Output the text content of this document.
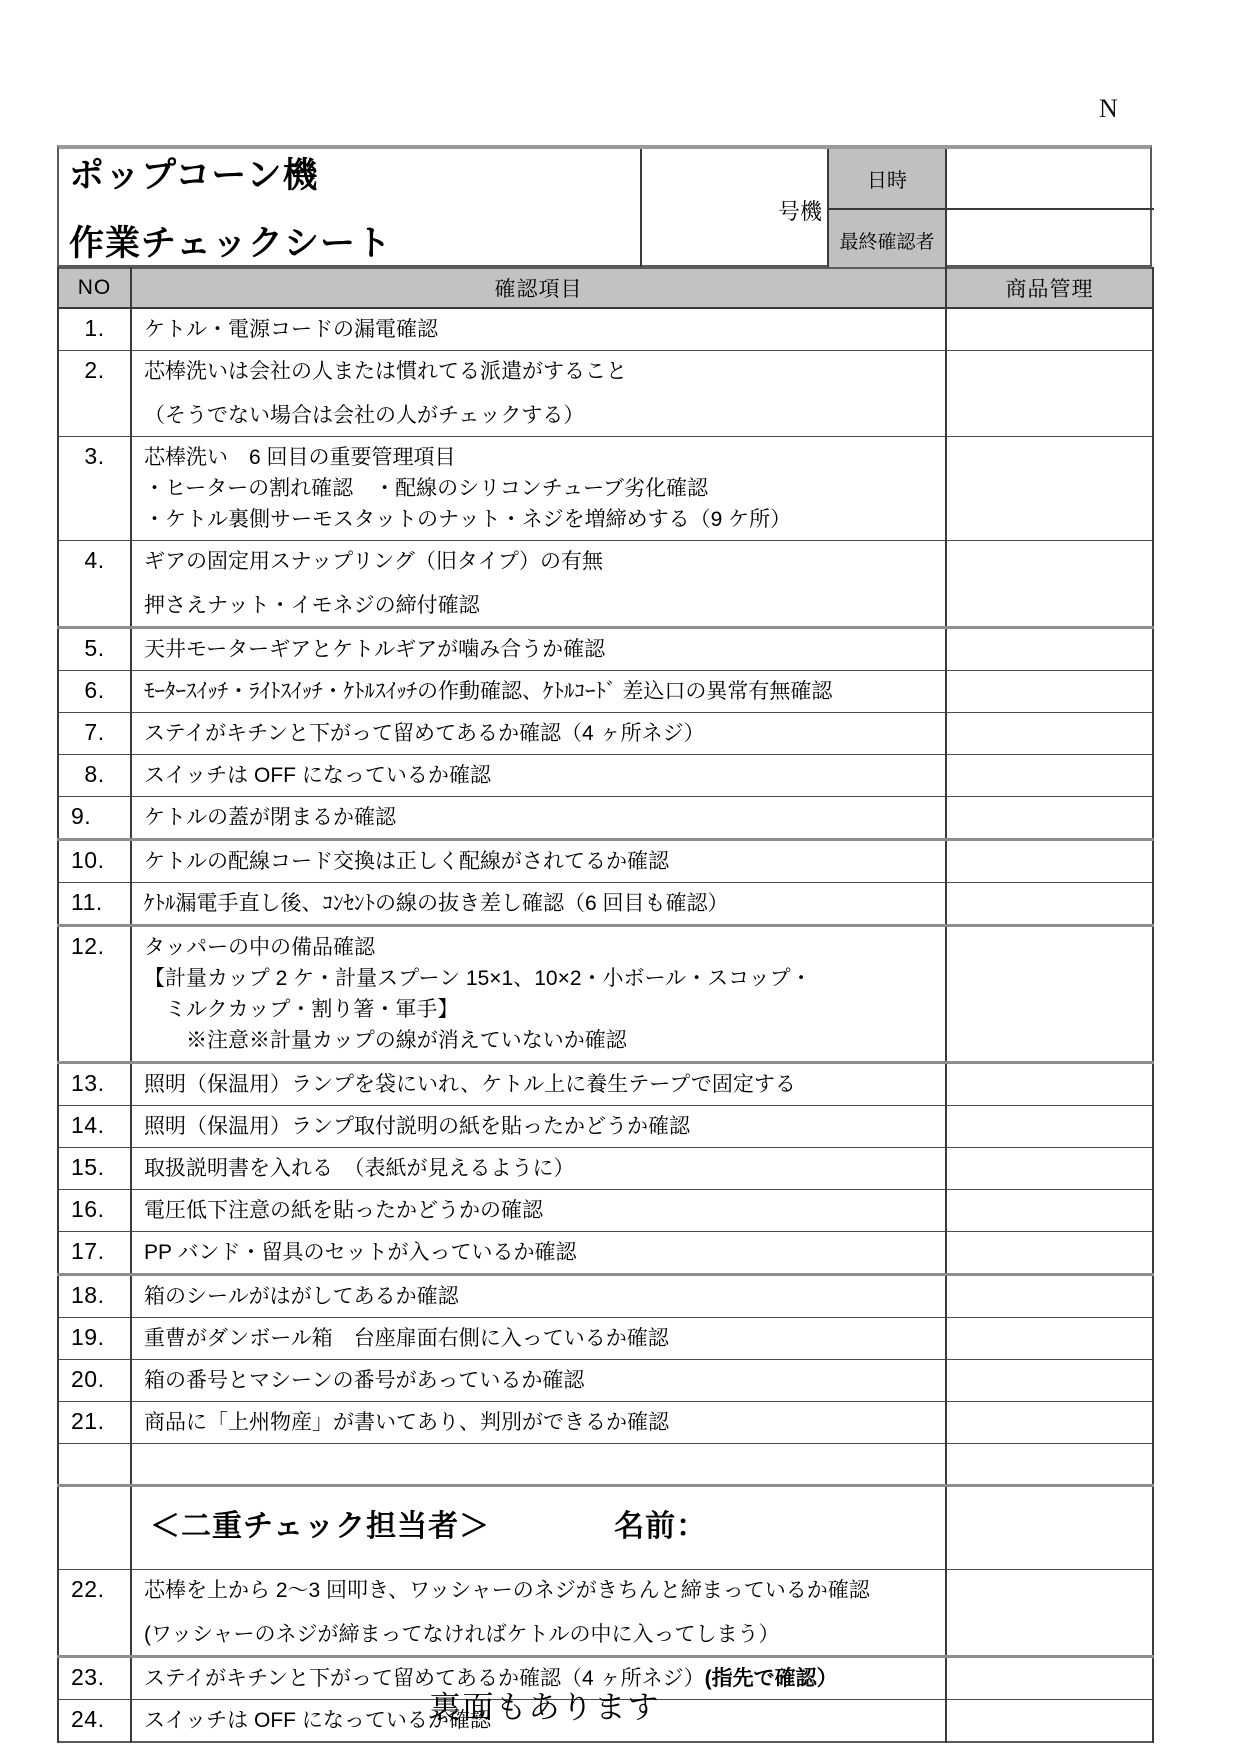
N
ポップコーン機
作業チェックシート
号機
日時
最終確認者
NO	確認項目	商品管理
1.	ケトル・電源コードの漏電確認	

2.	芯棒洗いは会社の人または慣れてる派遣がすること
（そうでない場合は会社の人がチェックする）	

3.	芯棒洗い　6 回目の重要管理項目
・ヒーターの割れ確認　・配線のシリコンチューブ劣化確認
・ケトル裏側サーモスタットのナット・ネジを増締めする（9 ケ所）	

4.	ギアの固定用スナップリング（旧タイプ）の有無
押さえナット・イモネジの締付確認	

5.	天井モーターギアとケトルギアが噛み合うか確認	

6.	ﾓｰﾀｰｽｲｯﾁ・ﾗｲﾄｽｲｯﾁ・ｹﾄﾙｽｲｯﾁの作動確認、ｹﾄﾙｺｰﾄﾞ 差込口の異常有無確認	

7.	ステイがキチンと下がって留めてあるか確認（4 ヶ所ネジ）	

8.	スイッチは OFF になっているか確認	

9.	ケトルの蓋が閉まるか確認	

10.	ケトルの配線コード交換は正しく配線がされてるか確認	

11.	ｹﾄﾙ漏電手直し後、ｺﾝｾﾝﾄの線の抜き差し確認（6 回目も確認）	

12.	タッパーの中の備品確認
【計量カップ 2 ケ・計量スプーン 15×1、10×2・小ボール・スコップ・
　ミルクカップ・割り箸・軍手】
　　※注意※計量カップの線が消えていないか確認	

13.	照明（保温用）ランプを袋にいれ、ケトル上に養生テープで固定する	

14.	照明（保温用）ランプ取付説明の紙を貼ったかどうか確認	

15.	取扱説明書を入れる　（表紙が見えるように）	

16.	電圧低下注意の紙を貼ったかどうかの確認	

17.	PP バンド・留具のセットが入っているか確認	

18.	箱のシールがはがしてあるか確認	

19.	重曹がダンボール箱　台座扉面右側に入っているか確認	

20.	箱の番号とマシーンの番号があっているか確認	

21.	商品に「上州物産」が書いてあり、判別ができるか確認	

	＜二重チェック担当者＞　　　　名前：	

22.	芯棒を上から 2～3 回叩き、ワッシャーのネジがきちんと締まっているか確認
(ワッシャーのネジが締まってなければケトルの中に入ってしまう）	

23.	ステイがキチンと下がって留めてあるか確認（4 ヶ所ネジ）(指先で確認）	

24.	スイッチは OFF になっているか確認	

裏面もあります
